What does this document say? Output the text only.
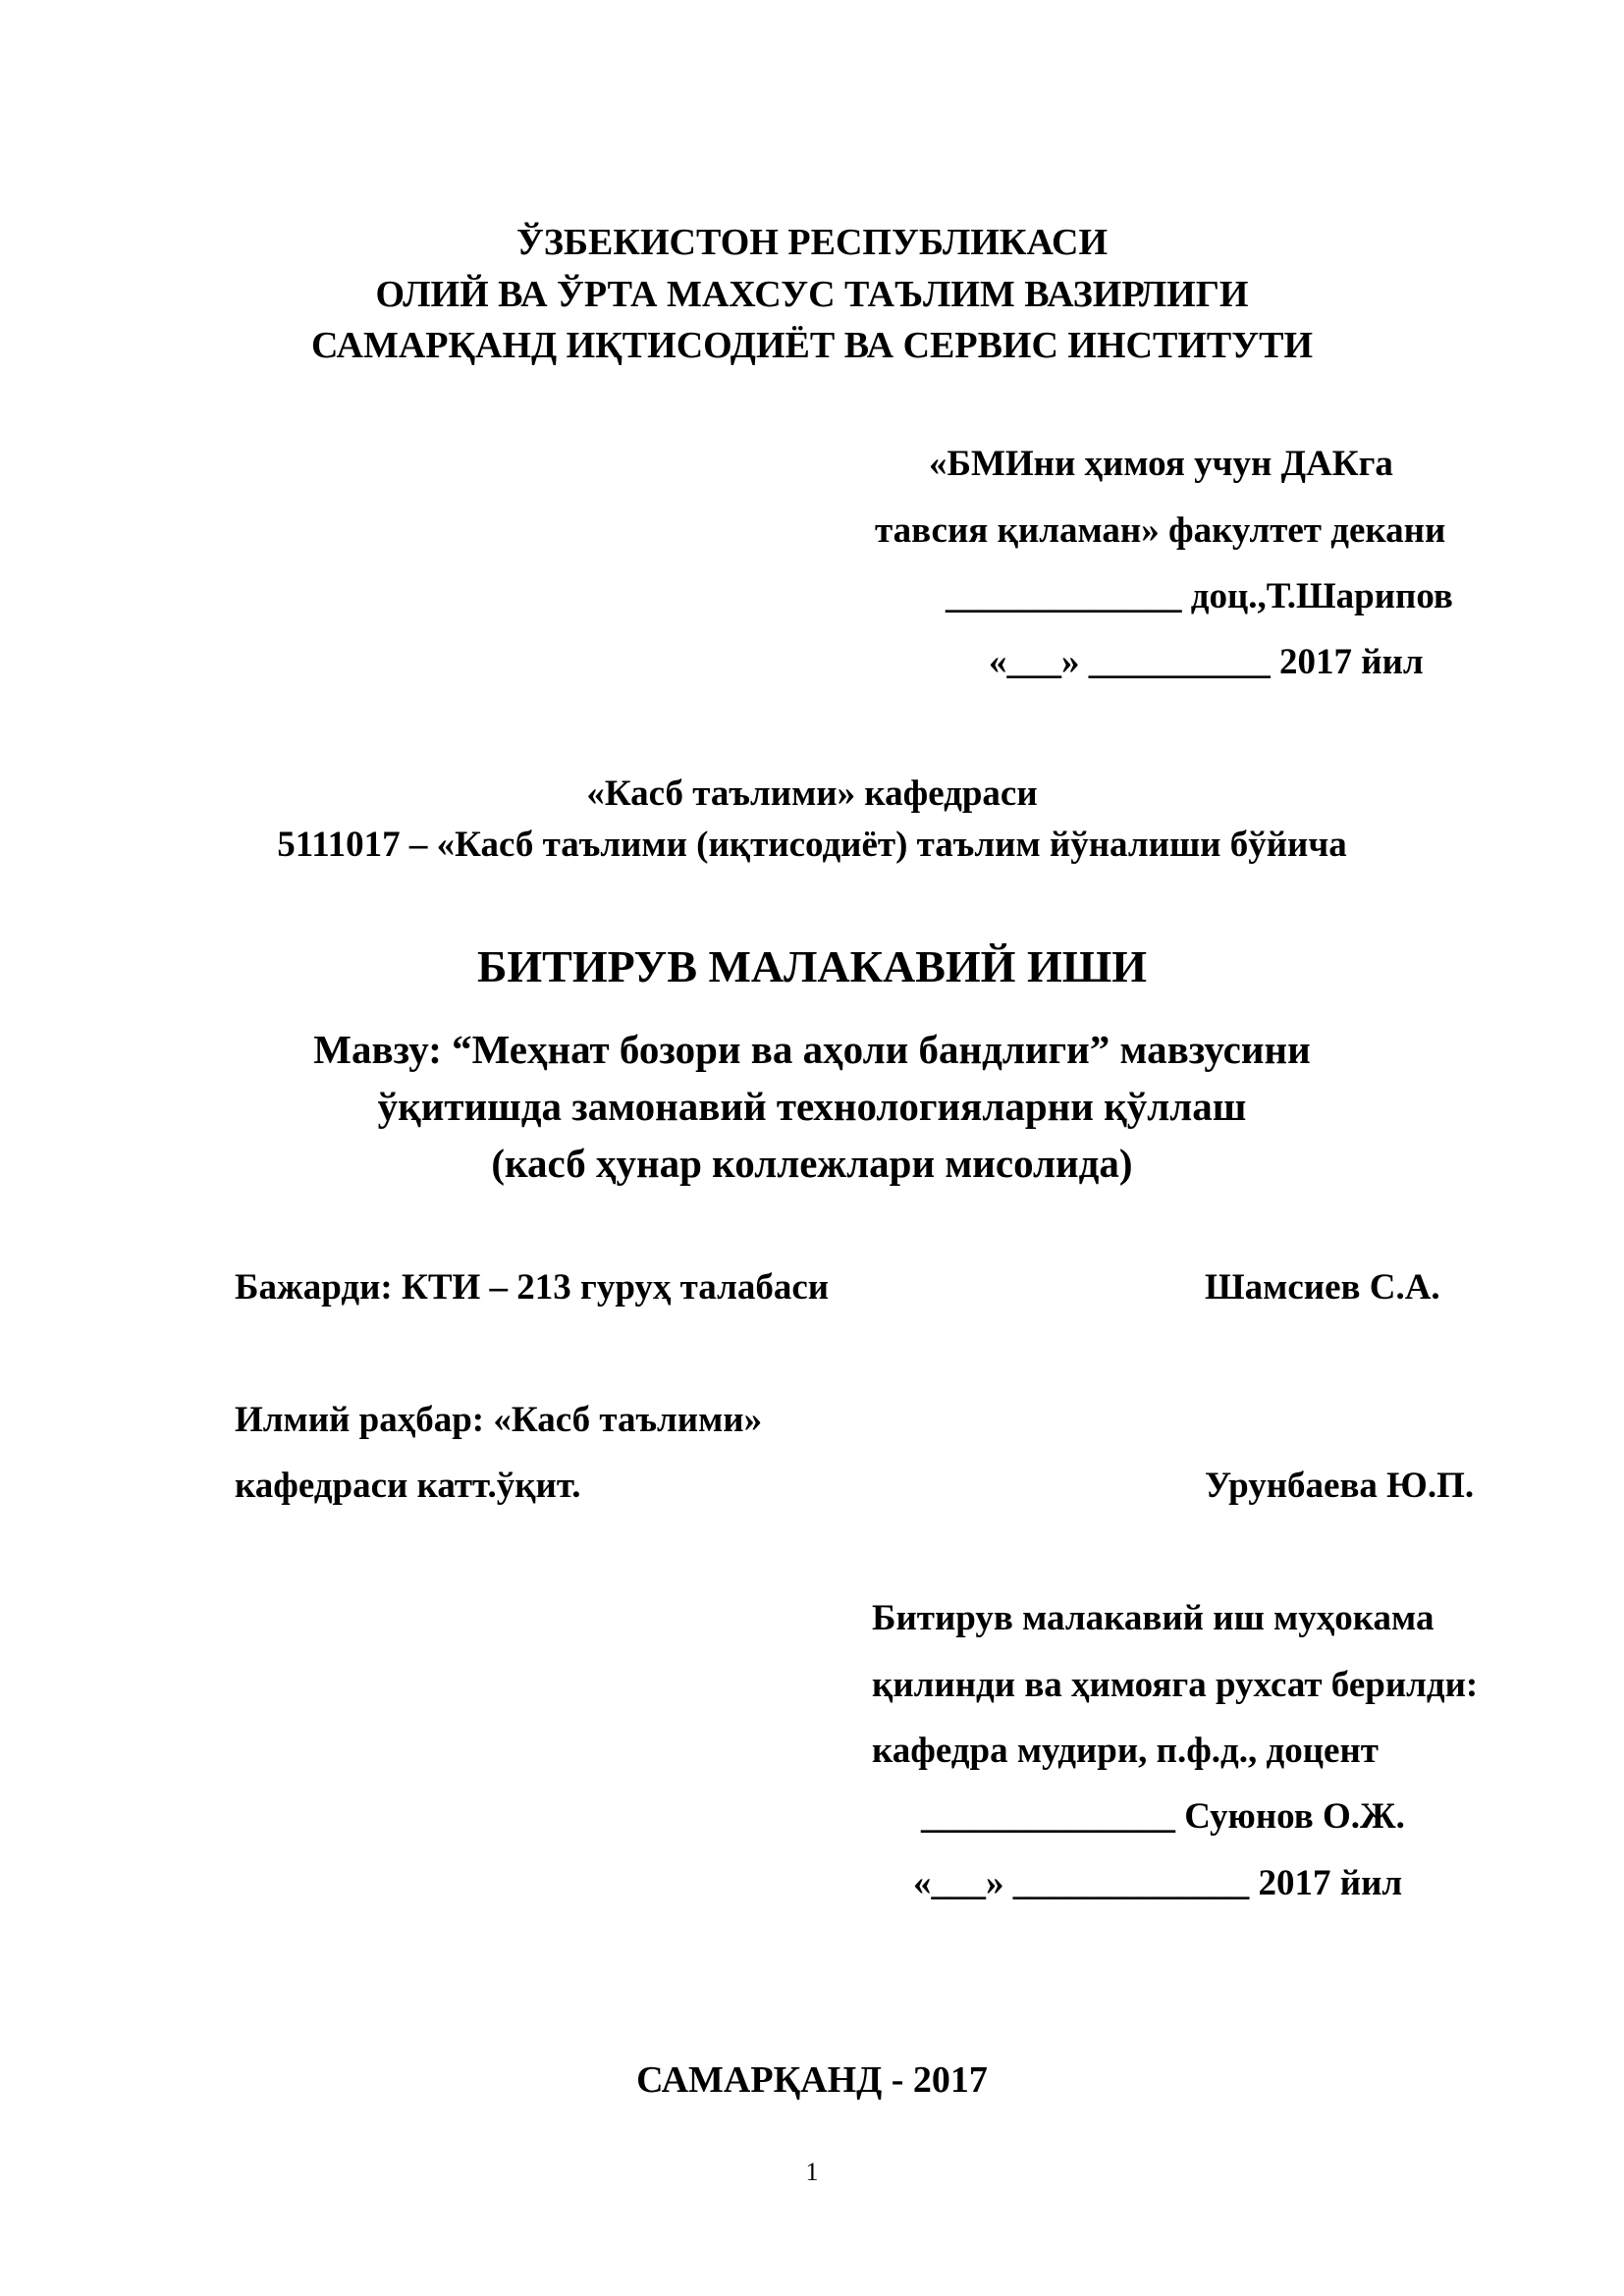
ЎЗБЕКИСТОН РЕСПУБЛИКАСИ
ОЛИЙ ВА ЎРТА МАХСУС ТАЪЛИМ ВАЗИРЛИГИ
САМАРҚАНД ИҚТИСОДИЁТ ВА СЕРВИС ИНСТИТУТИ
«БМИни ҳимоя учун ДАКга
тавсия қиламан» факултет декани
_____________ доц.,Т.Шарипов
«___» __________ 2017 йил
«Касб таълими» кафедраси
5111017 – «Касб таълими (иқтисодиёт) таълим йўналиши бўйича
БИТИРУВ МАЛАКАВИЙ ИШИ
Мавзу: “Меҳнат бозори ва аҳоли бандлиги” мавзусини
ўқитишда замонавий технологияларни қўллаш
(касб ҳунар коллежлари мисолида)
Бажарди: КТИ – 213 гуруҳ талабаси	Шамсиев С.А.
Илмий раҳбар: «Касб таълими»
кафедраси катт.ўқит.	Урунбаева Ю.П.
Битирув малакавий иш муҳокама
қилинди ва ҳимояга рухсат берилди:
кафедра мудири, п.ф.д., доцент
______________ Суюнов О.Ж.
«___» _____________ 2017 йил
САМАРҚАНД - 2017
1
